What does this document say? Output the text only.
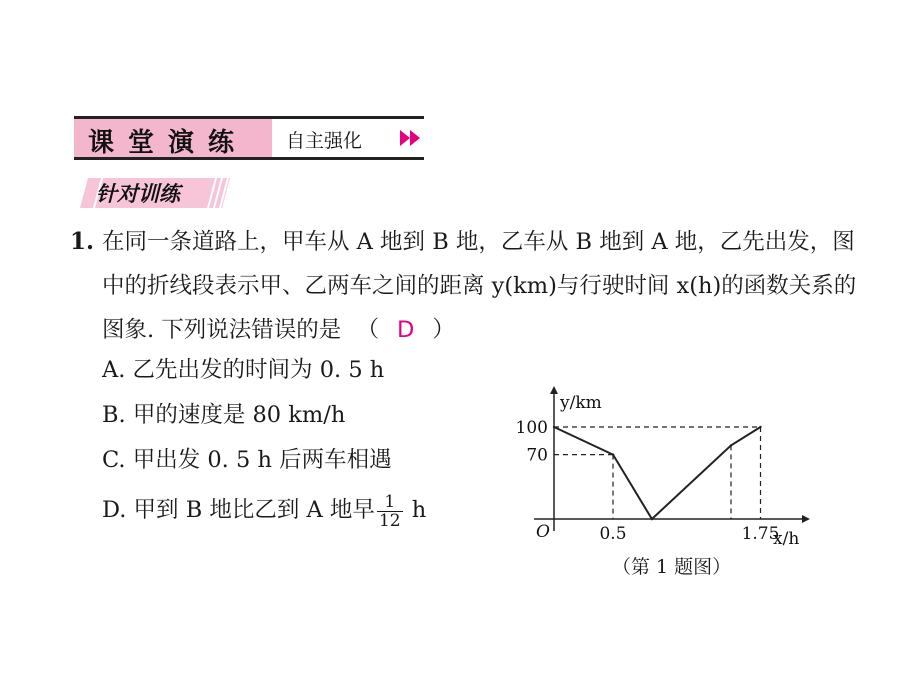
课堂演练 自主强化
针对训练
1. 在同一条道路上，甲车从 A 地到 B 地，乙车从 B 地到 A 地，乙先出发，图中的折线段表示甲、乙两车之间的距离 y(km)与行驶时间 x(h)的函数关系的图象. 下列说法错误的是 （ D ）
A. 乙先出发的时间为 0. 5 h
B. 甲的速度是 80 km/h
C. 甲出发 0. 5 h 后两车相遇
D. 甲到 B 地比乙到 A 地早 $\frac{1}{12}$ h
y/km
x/h
O
100
70
0.5	1.75
（第 1 题图）
